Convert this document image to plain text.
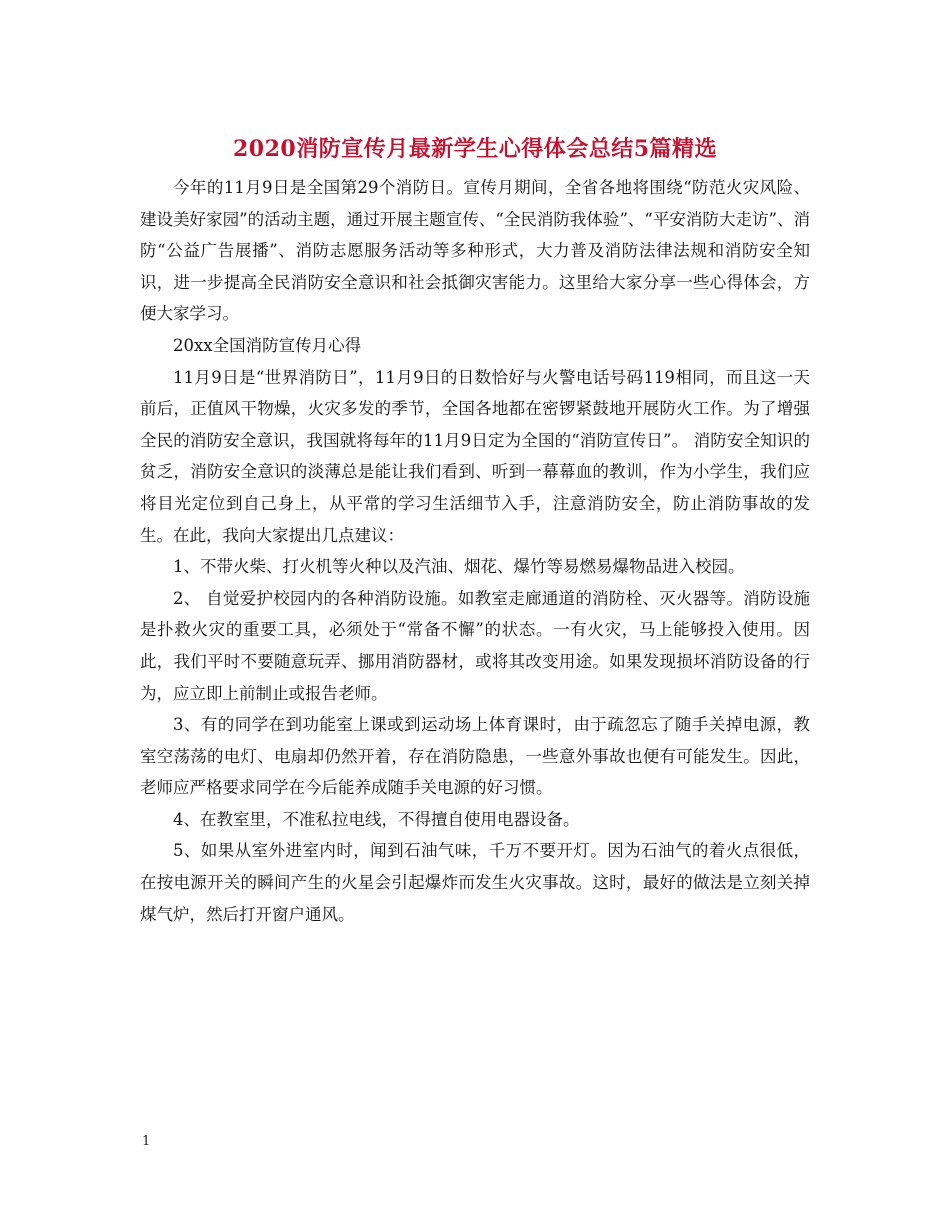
2020消防宣传月最新学生心得体会总结5篇精选

今年的11月9日是全国第29个消防日。宣传月期间，全省各地将围绕“防范火灾风险、建设美好家园”的活动主题，通过开展主题宣传、“全民消防我体验”、“平安消防大走访”、消防“公益广告展播”、消防志愿服务活动等多种形式，大力普及消防法律法规和消防安全知识，进一步提高全民消防安全意识和社会抵御灾害能力。这里给大家分享一些心得体会，方便大家学习。

20xx全国消防宣传月心得

11月9日是“世界消防日”，11月9日的日数恰好与火警电话号码119相同，而且这一天前后，正值风干物燥，火灾多发的季节，全国各地都在密锣紧鼓地开展防火工作。为了增强全民的消防安全意识，我国就将每年的11月9日定为全国的“消防宣传日”。 消防安全知识的贫乏，消防安全意识的淡薄总是能让我们看到、听到一幕幕血的教训，作为小学生，我们应将目光定位到自己身上，从平常的学习生活细节入手，注意消防安全，防止消防事故的发生。在此，我向大家提出几点建议：

1、不带火柴、打火机等火种以及汽油、烟花、爆竹等易燃易爆物品进入校园。

2、 自觉爱护校园内的各种消防设施。如教室走廊通道的消防栓、灭火器等。消防设施是扑救火灾的重要工具，必须处于“常备不懈”的状态。一有火灾，马上能够投入使用。因此，我们平时不要随意玩弄、挪用消防器材，或将其改变用途。如果发现损坏消防设备的行为，应立即上前制止或报告老师。

3、有的同学在到功能室上课或到运动场上体育课时，由于疏忽忘了随手关掉电源，教室空荡荡的电灯、电扇却仍然开着，存在消防隐患，一些意外事故也便有可能发生。因此，老师应严格要求同学在今后能养成随手关电源的好习惯。

4、在教室里，不准私拉电线，不得擅自使用电器设备。

5、如果从室外进室内时，闻到石油气味，千万不要开灯。因为石油气的着火点很低，在按电源开关的瞬间产生的火星会引起爆炸而发生火灾事故。这时，最好的做法是立刻关掉煤气炉，然后打开窗户通风。

1
